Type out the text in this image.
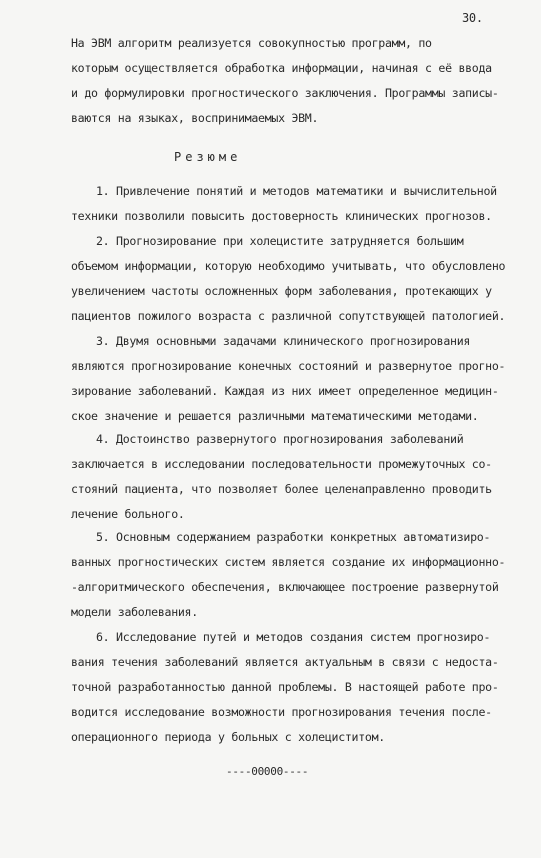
30.
На ЭВМ алгоритм реализуется совокупностью программ, по
которым осуществляется обработка информации, начиная с её ввода
и до формулировки прогностического заключения. Программы записы-
ваются на языках, воспринимаемых ЭВМ.
Резюме
1. Привлечение понятий и методов математики и вычислительной
техники позволили повысить достоверность клинических прогнозов.
2. Прогнозирование при холецистите затрудняется большим
объемом информации, которую необходимо учитывать, что обусловлено
увеличением частоты осложненных форм заболевания, протекающих у
пациентов пожилого возраста с различной сопутствующей патологией.
3. Двумя основными задачами клинического прогнозирования
являются прогнозирование конечных состояний и развернутое прогно-
зирование заболеваний. Каждая из них имеет определенное медицин-
ское значение и решается различными математическими методами.
4. Достоинство развернутого прогнозирования заболеваний
заключается в исследовании последовательности промежуточных со-
стояний пациента, что позволяет более целенаправленно проводить
лечение больного.
5. Основным содержанием разработки конкретных автоматизиро-
ванных прогностических систем является создание их информационно-
-алгоритмического обеспечения, включающее построение развернутой
модели заболевания.
6. Исследование путей и методов создания систем прогнозиро-
вания течения заболеваний является актуальным в связи с недоста-
точной разработанностью данной проблемы. В настоящей работе про-
водится исследование возможности прогнозирования течения после-
операционного периода у больных с холециститом.
----00000----
